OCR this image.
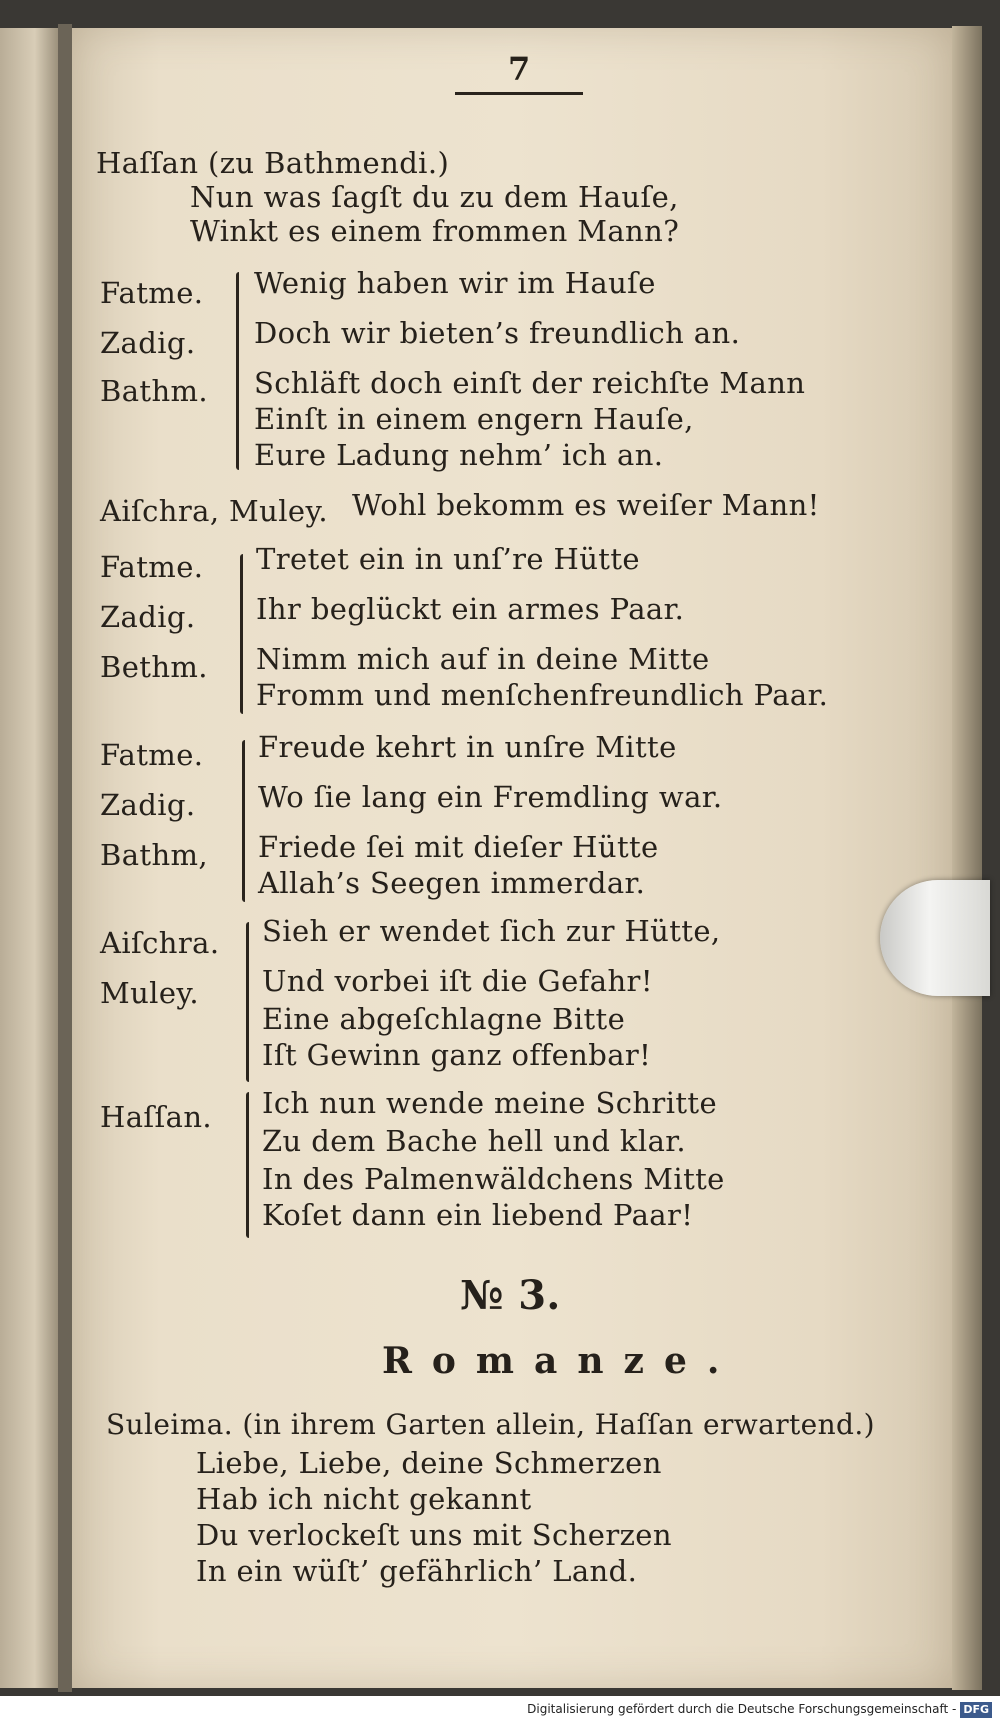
7
Haſſan (zu Bathmendi.)
Nun was ſagſt du zu dem Hauſe,
Winkt es einem frommen Mann?
Fatme.
Zadig.
Bathm.
Wenig haben wir im Hauſe
Doch wir bieten’s freundlich an.
Schläft doch einſt der reichſte Mann
Einſt in einem engern Hauſe,
Eure Ladung nehm’ ich an.
Aiſchra, Muley. Wohl bekomm es weiſer Mann!
Fatme.
Zadig.
Bethm.
Tretet ein in unſ’re Hütte
Ihr beglückt ein armes Paar.
Nimm mich auf in deine Mitte
Fromm und menſchenfreundlich Paar.
Fatme.
Zadig.
Bathm,
Freude kehrt in unſre Mitte
Wo ſie lang ein Fremdling war.
Friede ſei mit dieſer Hütte
Allah’s Seegen immerdar.
Aiſchra.
Muley.
Sieh er wendet ſich zur Hütte,
Und vorbei iſt die Gefahr!
Eine abgeſchlagne Bitte
Iſt Gewinn ganz offenbar!
Haſſan. Ich nun wende meine Schritte
Zu dem Bache hell und klar.
In des Palmenwäldchens Mitte
Koſet dann ein liebend Paar!
№ 3.
Romanze.
Suleima. (in ihrem Garten allein, Haſſan erwartend.)
Liebe, Liebe, deine Schmerzen
Hab ich nicht gekannt
Du verlockeſt uns mit Scherzen
In ein wüſt’ gefährlich’ Land.
Digitalisierung gefördert durch die Deutsche Forschungsgemeinschaft - DFG
